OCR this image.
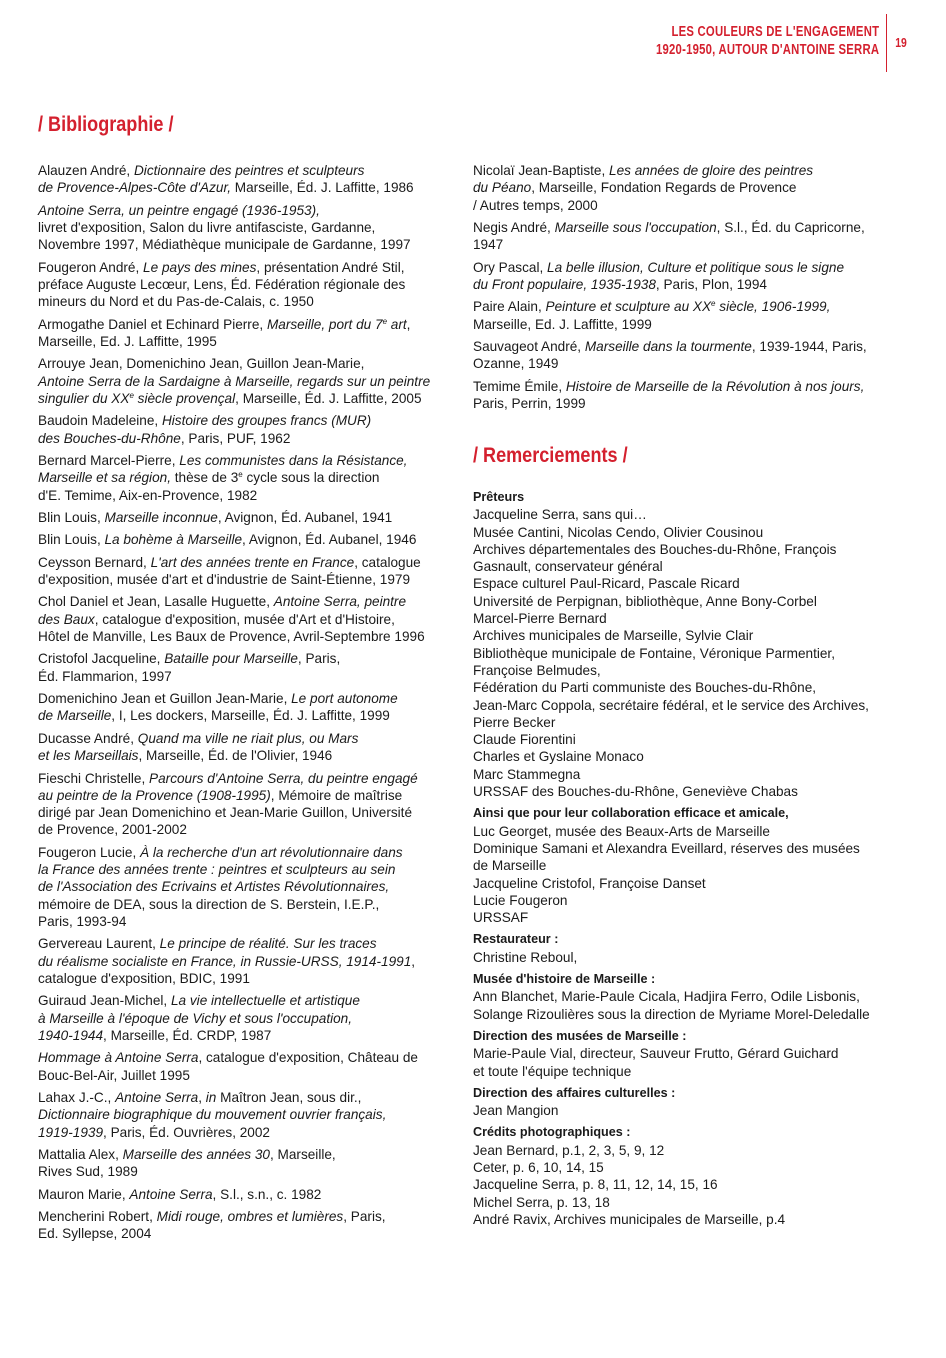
LES COULEURS DE L'ENGAGEMENT
1920-1950, AUTOUR D'ANTOINE SERRA 19
/ Bibliographie /
/ Remerciements /

Alauzen André, Dictionnaire des peintres et sculpteurs

de Provence-Alpes-Côte d'Azur, Marseille, Éd. J. Laffitte, 1986

Antoine Serra, un peintre engagé (1936-1953),

livret d'exposition, Salon du livre antifasciste, Gardanne,

Novembre 1997, Médiathèque municipale de Gardanne, 1997

Fougeron André, Le pays des mines, présentation André Stil,

préface Auguste Lecœur, Lens, Éd. Fédération régionale des

mineurs du Nord et du Pas-de-Calais, c. 1950

Armogathe Daniel et Echinard Pierre, Marseille, port du 7e art,

Marseille, Ed. J. Laffitte, 1995

Arrouye Jean, Domenichino Jean, Guillon Jean-Marie,

Antoine Serra de la Sardaigne à Marseille, regards sur un peintre

singulier du XXe siècle provençal, Marseille, Éd. J. Laffitte, 2005

Baudoin Madeleine, Histoire des groupes francs (MUR)

des Bouches-du-Rhône, Paris, PUF, 1962

Bernard Marcel-Pierre, Les communistes dans la Résistance,

Marseille et sa région, thèse de 3e cycle sous la direction

d'E. Temime, Aix-en-Provence, 1982

Blin Louis, Marseille inconnue, Avignon, Éd. Aubanel, 1941

Blin Louis, La bohème à Marseille, Avignon, Éd. Aubanel, 1946

Ceysson Bernard, L'art des années trente en France, catalogue

d'exposition, musée d'art et d'industrie de Saint-Étienne, 1979

Chol Daniel et Jean, Lasalle Huguette, Antoine Serra, peintre

des Baux, catalogue d'exposition, musée d'Art et d'Histoire,

Hôtel de Manville, Les Baux de Provence, Avril-Septembre 1996

Cristofol Jacqueline, Bataille pour Marseille, Paris,

Éd. Flammarion, 1997

Domenichino Jean et Guillon Jean-Marie, Le port autonome

de Marseille, I, Les dockers, Marseille, Éd. J. Laffitte, 1999

Ducasse André, Quand ma ville ne riait plus, ou Mars

et les Marseillais, Marseille, Éd. de l'Olivier, 1946

Fieschi Christelle, Parcours d'Antoine Serra, du peintre engagé

au peintre de la Provence (1908-1995), Mémoire de maîtrise

dirigé par Jean Domenichino et Jean-Marie Guillon, Université

de Provence, 2001-2002

Fougeron Lucie, À la recherche d'un art révolutionnaire dans

la France des années trente : peintres et sculpteurs au sein

de l'Association des Ecrivains et Artistes Révolutionnaires,

mémoire de DEA, sous la direction de S. Berstein, I.E.P.,

Paris, 1993-94

Gervereau Laurent, Le principe de réalité. Sur les traces

du réalisme socialiste en France, in Russie-URSS, 1914-1991,

catalogue d'exposition, BDIC, 1991

Guiraud Jean-Michel, La vie intellectuelle et artistique

à Marseille à l'époque de Vichy et sous l'occupation,

1940-1944, Marseille, Éd. CRDP, 1987

Hommage à Antoine Serra, catalogue d'exposition, Château de

Bouc-Bel-Air, Juillet 1995

Lahax J.-C., Antoine Serra, in Maîtron Jean, sous dir.,

Dictionnaire biographique du mouvement ouvrier français,

1919-1939, Paris, Éd. Ouvrières, 2002

Mattalia Alex, Marseille des années 30, Marseille,

Rives Sud, 1989

Mauron Marie, Antoine Serra, S.l., s.n., c. 1982

Mencherini Robert, Midi rouge, ombres et lumières, Paris,

Ed. Syllepse, 2004

Nicolaï Jean-Baptiste, Les années de gloire des peintres

du Péano, Marseille, Fondation Regards de Provence

/ Autres temps, 2000

Negis André, Marseille sous l'occupation, S.l., Éd. du Capricorne,

1947

Ory Pascal, La belle illusion, Culture et politique sous le signe

du Front populaire, 1935-1938, Paris, Plon, 1994

Paire Alain, Peinture et sculpture au XXe siècle, 1906-1999,

Marseille, Ed. J. Laffitte, 1999

Sauvageot André, Marseille dans la tourmente, 1939-1944, Paris,

Ozanne, 1949

Temime Émile, Histoire de Marseille de la Révolution à nos jours,

Paris, Perrin, 1999

Prêteurs

Jacqueline Serra, sans qui…

Musée Cantini, Nicolas Cendo, Olivier Cousinou

Archives départementales des Bouches-du-Rhône, François

Gasnault, conservateur général

Espace culturel Paul-Ricard, Pascale Ricard

Université de Perpignan, bibliothèque, Anne Bony-Corbel

Marcel-Pierre Bernard

Archives municipales de Marseille, Sylvie Clair

Bibliothèque municipale de Fontaine, Véronique Parmentier,

Françoise Belmudes,

Fédération du Parti communiste des Bouches-du-Rhône,

Jean-Marc Coppola, secrétaire fédéral, et le service des Archives,

Pierre Becker

Claude Fiorentini

Charles et Gyslaine Monaco

Marc Stammegna

URSSAF des Bouches-du-Rhône, Geneviève Chabas

Ainsi que pour leur collaboration efficace et amicale,

Luc Georget, musée des Beaux-Arts de Marseille

Dominique Samani et Alexandra Eveillard, réserves des musées

de Marseille

Jacqueline Cristofol, Françoise Danset

Lucie Fougeron

URSSAF

Restaurateur :

Christine Reboul,

Musée d'histoire de Marseille :

Ann Blanchet, Marie-Paule Cicala, Hadjira Ferro, Odile Lisbonis,

Solange Rizoulières sous la direction de Myriame Morel-Deledalle

Direction des musées de Marseille :

Marie-Paule Vial, directeur, Sauveur Frutto, Gérard Guichard

et toute l'équipe technique

Direction des affaires culturelles :

Jean Mangion

Crédits photographiques :

Jean Bernard, p.1, 2, 3, 5, 9, 12

Ceter, p. 6, 10, 14, 15

Jacqueline Serra, p. 8, 11, 12, 14, 15, 16

Michel Serra, p. 13, 18

André Ravix, Archives municipales de Marseille, p.4
